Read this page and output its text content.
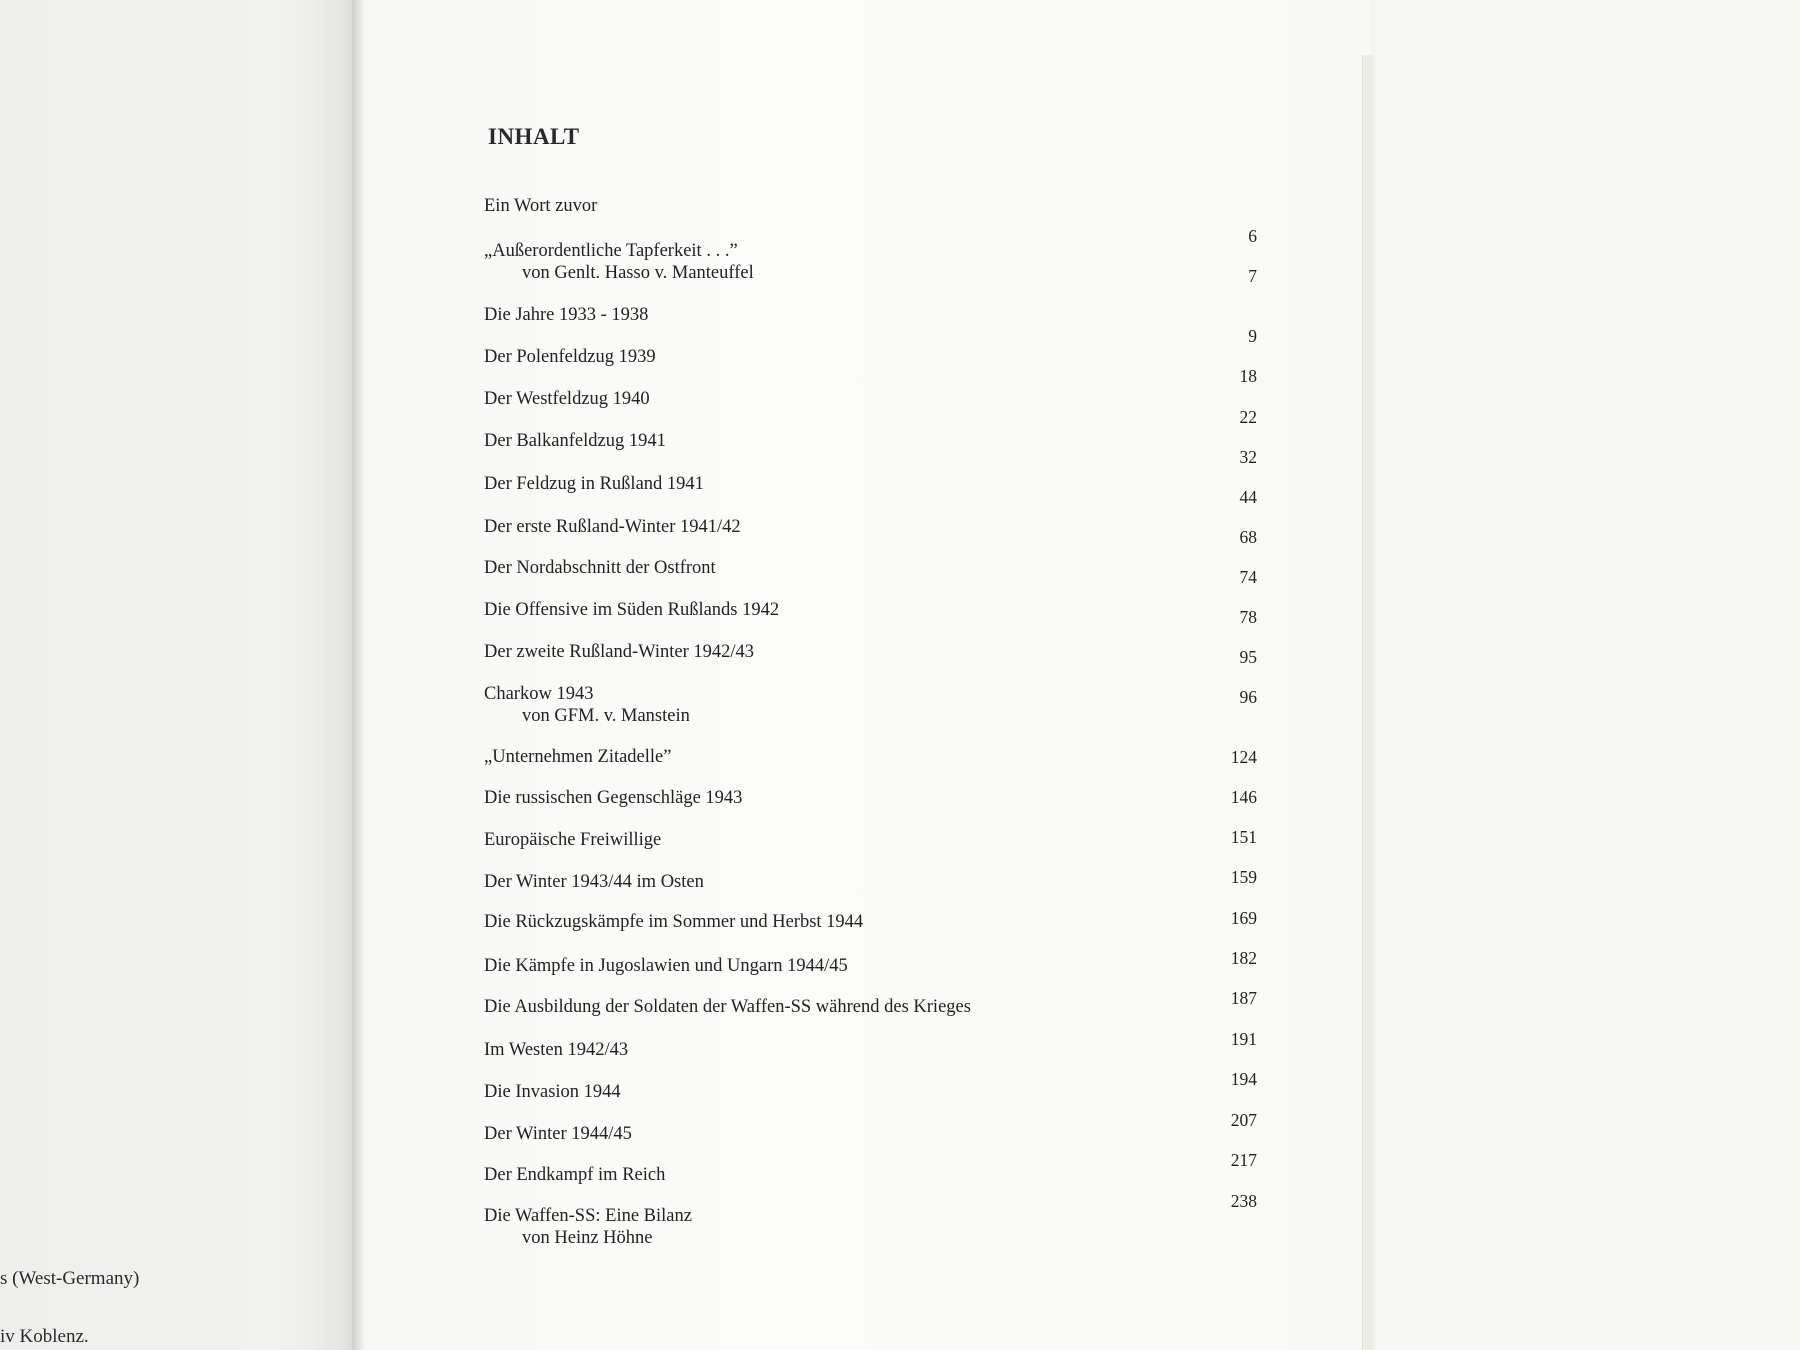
s (West-Germany)
iv Koblenz.
INHALT
Ein Wort zuvor
„Außerordentliche Tapferkeit . . .”
von Genlt. Hasso v. Manteuffel
Die Jahre 1933 - 1938
Der Polenfeldzug 1939
Der Westfeldzug 1940
Der Balkanfeldzug 1941
Der Feldzug in Rußland 1941
Der erste Rußland-Winter 1941/42
Der Nordabschnitt der Ostfront
Die Offensive im Süden Rußlands 1942
Der zweite Rußland-Winter 1942/43
Charkow 1943
von GFM. v. Manstein
„Unternehmen Zitadelle”
Die russischen Gegenschläge 1943
Europäische Freiwillige
Der Winter 1943/44 im Osten
Die Rückzugskämpfe im Sommer und Herbst 1944
Die Kämpfe in Jugoslawien und Ungarn 1944/45
Die Ausbildung der Soldaten der Waffen-SS während des Krieges
Im Westen 1942/43
Die Invasion 1944
Der Winter 1944/45
Der Endkampf im Reich
Die Waffen-SS: Eine Bilanz
von Heinz Höhne
6
7
9
18
22
32
44
68
74
78
95
96
124
146
151
159
169
182
187
191
194
207
217
238
